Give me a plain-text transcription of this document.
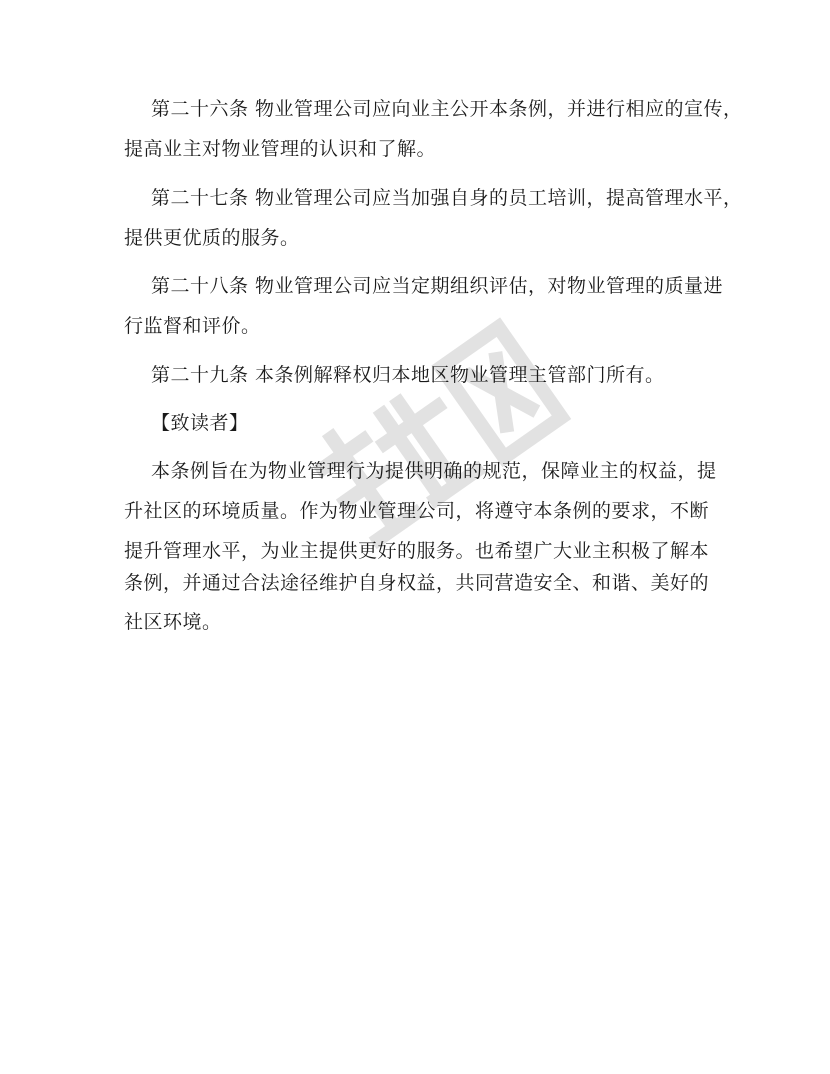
第二十六条 物业管理公司应向业主公开本条例，并进行相应的宣传，
提高业主对物业管理的认识和了解。
第二十七条 物业管理公司应当加强自身的员工培训，提高管理水平，
提供更优质的服务。
第二十八条 物业管理公司应当定期组织评估，对物业管理的质量进
行监督和评价。
第二十九条 本条例解释权归本地区物业管理主管部门所有。
【致读者】
本条例旨在为物业管理行为提供明确的规范，保障业主的权益，提
升社区的环境质量。作为物业管理公司，将遵守本条例的要求，不断
提升管理水平，为业主提供更好的服务。也希望广大业主积极了解本
条例，并通过合法途径维护自身权益，共同营造安全、和谐、美好的
社区环境。
